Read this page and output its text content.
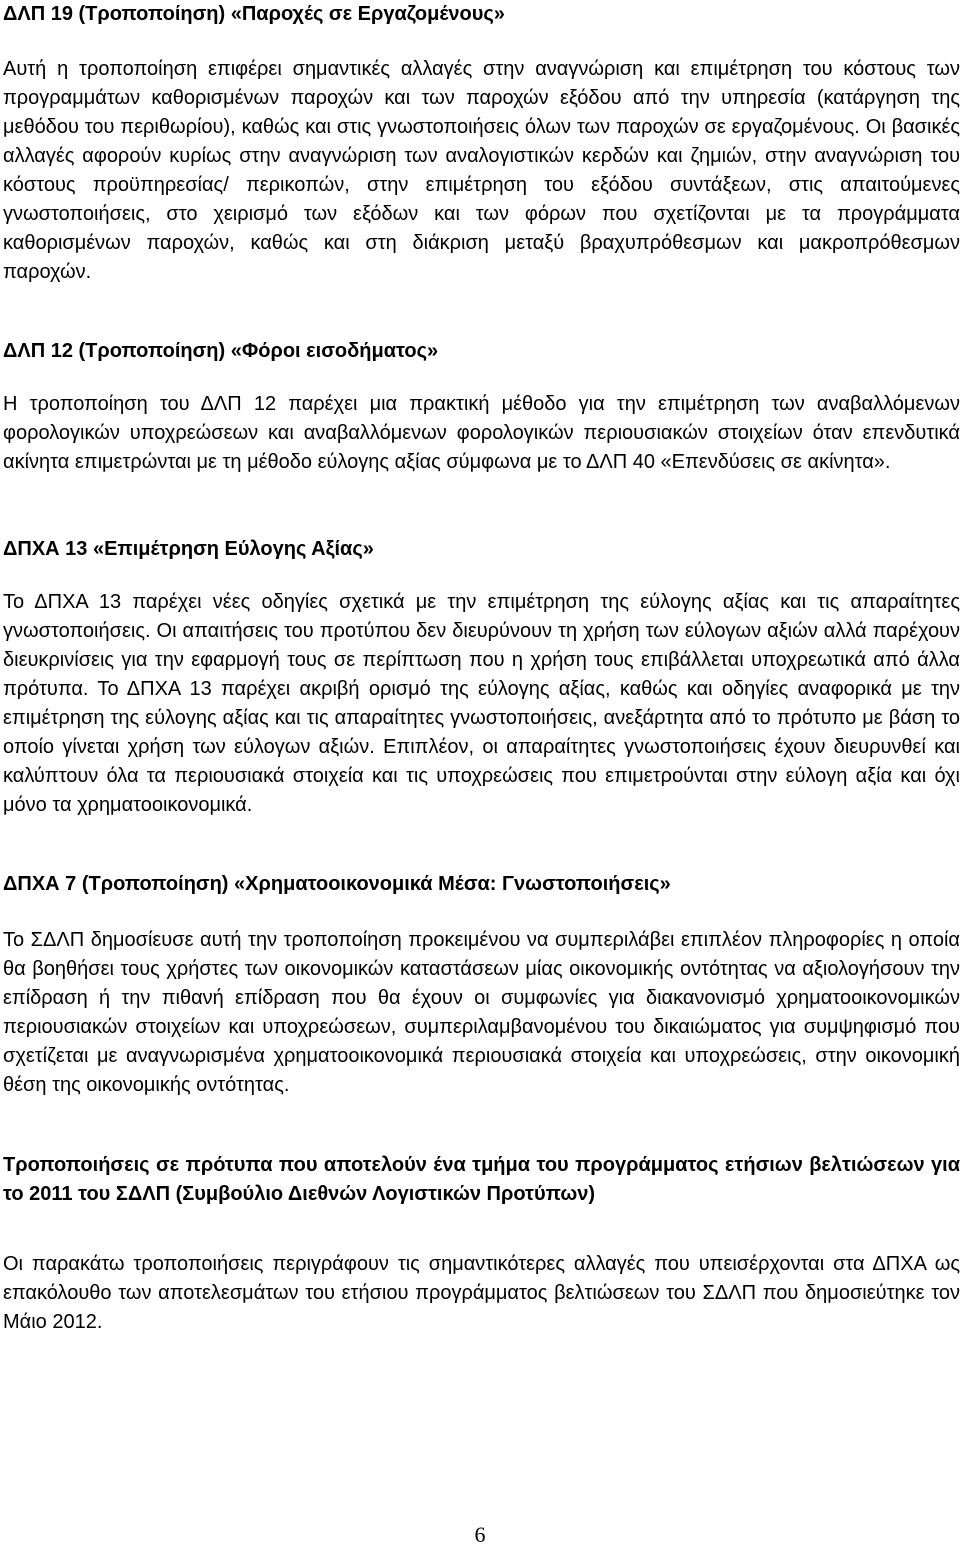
ΔΛΠ 19 (Τροποποίηση) «Παροχές σε Εργαζομένους»

Αυτή η τροποποίηση επιφέρει σημαντικές αλλαγές στην αναγνώριση και επιμέτρηση του κόστους των προγραμμάτων καθορισμένων παροχών και των παροχών εξόδου από την υπηρεσία (κατάργηση της μεθόδου του περιθωρίου), καθώς και στις γνωστοποιήσεις όλων των παροχών σε εργαζομένους. Οι βασικές αλλαγές αφορούν κυρίως στην αναγνώριση των αναλογιστικών κερδών και ζημιών, στην αναγνώριση του κόστους προϋπηρεσίας/ περικοπών, στην επιμέτρηση του εξόδου συντάξεων, στις απαιτούμενες γνωστοποιήσεις, στο χειρισμό των εξόδων και των φόρων που σχετίζονται με τα προγράμματα καθορισμένων παροχών, καθώς και στη διάκριση μεταξύ βραχυπρόθεσμων και μακροπρόθεσμων παροχών.

ΔΛΠ 12 (Τροποποίηση) «Φόροι εισοδήματος»

Η τροποποίηση του ΔΛΠ 12 παρέχει μια πρακτική μέθοδο για την επιμέτρηση των αναβαλλόμενων φορολογικών υποχρεώσεων και αναβαλλόμενων φορολογικών περιουσιακών στοιχείων όταν επενδυτικά ακίνητα επιμετρώνται με τη μέθοδο εύλογης αξίας σύμφωνα με το ΔΛΠ 40 «Επενδύσεις σε ακίνητα».

ΔΠΧΑ 13 «Επιμέτρηση Εύλογης Αξίας»

Το ΔΠΧΑ 13 παρέχει νέες οδηγίες σχετικά με την επιμέτρηση της εύλογης αξίας και τις απαραίτητες γνωστοποιήσεις. Οι απαιτήσεις του προτύπου δεν διευρύνουν τη χρήση των εύλογων αξιών αλλά παρέχουν διευκρινίσεις για την εφαρμογή τους σε περίπτωση που η χρήση τους επιβάλλεται υποχρεωτικά από άλλα πρότυπα. Το ΔΠΧΑ 13 παρέχει ακριβή ορισμό της εύλογης αξίας, καθώς και οδηγίες αναφορικά με την επιμέτρηση της εύλογης αξίας και τις απαραίτητες γνωστοποιήσεις, ανεξάρτητα από το πρότυπο με βάση το οποίο γίνεται χρήση των εύλογων αξιών. Επιπλέον, οι απαραίτητες γνωστοποιήσεις έχουν διευρυνθεί και καλύπτουν όλα τα περιουσιακά στοιχεία και τις υποχρεώσεις που επιμετρούνται στην εύλογη αξία και όχι μόνο τα χρηματοοικονομικά.

ΔΠΧΑ 7 (Τροποποίηση) «Χρηματοοικονομικά Μέσα: Γνωστοποιήσεις»

Το ΣΔΛΠ δημοσίευσε αυτή την τροποποίηση προκειμένου να συμπεριλάβει επιπλέον πληροφορίες η οποία θα βοηθήσει τους χρήστες των οικονομικών καταστάσεων μίας οικονομικής οντότητας να αξιολογήσουν την επίδραση ή την πιθανή επίδραση που θα έχουν οι συμφωνίες για διακανονισμό χρηματοοικονομικών περιουσιακών στοιχείων και υποχρεώσεων, συμπεριλαμβανομένου του δικαιώματος για συμψηφισμό που σχετίζεται με αναγνωρισμένα χρηματοοικονομικά περιουσιακά στοιχεία και υποχρεώσεις, στην οικονομική θέση της οικονομικής οντότητας.

Τροποποιήσεις σε πρότυπα που αποτελούν ένα τμήμα του προγράμματος ετήσιων βελτιώσεων για το 2011 του ΣΔΛΠ (Συμβούλιο Διεθνών Λογιστικών Προτύπων)

Οι παρακάτω τροποποιήσεις περιγράφουν τις σημαντικότερες αλλαγές που υπεισέρχονται στα ΔΠΧΑ ως επακόλουθο των αποτελεσμάτων του ετήσιου προγράμματος βελτιώσεων του ΣΔΛΠ που δημοσιεύτηκε τον Μάιο 2012.

6
